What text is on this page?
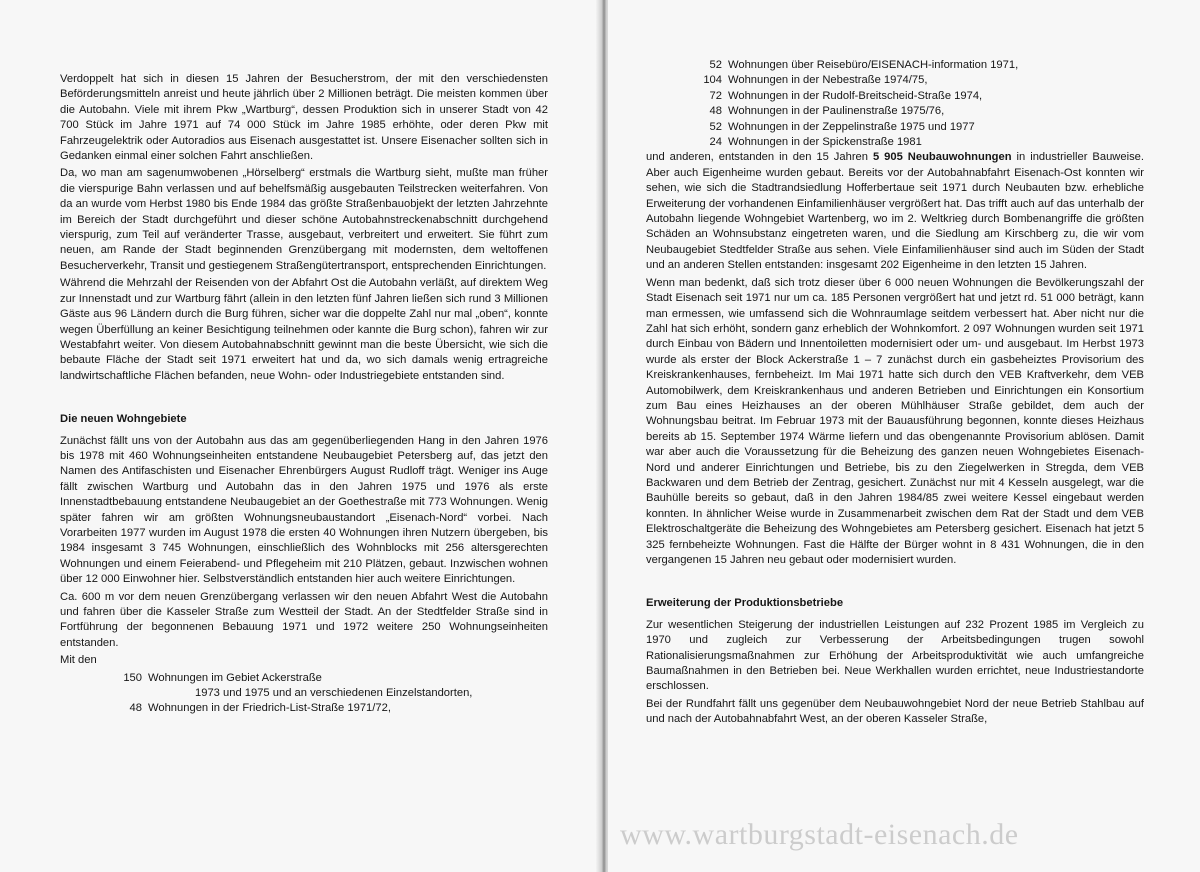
Verdoppelt hat sich in diesen 15 Jahren der Besucherstrom, der mit den verschiedensten Beförderungsmitteln anreist und heute jährlich über 2 Millionen beträgt. Die meisten kommen über die Autobahn. Viele mit ihrem Pkw „Wartburg“, dessen Produktion sich in unserer Stadt von 42 700 Stück im Jahre 1971 auf 74 000 Stück im Jahre 1985 erhöhte, oder deren Pkw mit Fahrzeugelektrik oder Autoradios aus Eisenach ausgestattet ist. Unsere Eisenacher sollten sich in Gedanken einmal einer solchen Fahrt anschließen.

Da, wo man am sagenumwobenen „Hörselberg“ erstmals die Wartburg sieht, mußte man früher die vierspurige Bahn verlassen und auf behelfsmäßig ausgebauten Teilstrecken weiterfahren. Von da an wurde vom Herbst 1980 bis Ende 1984 das größte Straßenbauobjekt der letzten Jahrzehnte im Bereich der Stadt durchgeführt und dieser schöne Autobahnstreckenabschnitt durchgehend vierspurig, zum Teil auf veränderter Trasse, ausgebaut, verbreitert und erweitert. Sie führt zum neuen, am Rande der Stadt beginnenden Grenzübergang mit modernsten, dem weltoffenen Besucherverkehr, Transit und gestiegenem Straßengütertransport, entsprechenden Einrichtungen.

Während die Mehrzahl der Reisenden von der Abfahrt Ost die Autobahn verläßt, auf direktem Weg zur Innenstadt und zur Wartburg fährt (allein in den letzten fünf Jahren ließen sich rund 3 Millionen Gäste aus 96 Ländern durch die Burg führen, sicher war die doppelte Zahl nur mal „oben“, konnte wegen Überfüllung an keiner Besichtigung teilnehmen oder kannte die Burg schon), fahren wir zur Westabfahrt weiter. Von diesem Autobahnabschnitt gewinnt man die beste Übersicht, wie sich die bebaute Fläche der Stadt seit 1971 erweitert hat und da, wo sich damals wenig ertragreiche landwirtschaftliche Flächen befanden, neue Wohn- oder Industriegebiete entstanden sind.

Die neuen Wohngebiete

Zunächst fällt uns von der Autobahn aus das am gegenüberliegenden Hang in den Jahren 1976 bis 1978 mit 460 Wohnungseinheiten entstandene Neubaugebiet Petersberg auf, das jetzt den Namen des Antifaschisten und Eisenacher Ehrenbürgers August Rudloff trägt. Weniger ins Auge fällt zwischen Wartburg und Autobahn das in den Jahren 1975 und 1976 als erste Innenstadtbebauung entstandene Neubaugebiet an der Goethestraße mit 773 Wohnungen. Wenig später fahren wir am größten Wohnungsneubaustandort „Eisenach-Nord“ vorbei. Nach Vorarbeiten 1977 wurden im August 1978 die ersten 40 Wohnungen ihren Nutzern übergeben, bis 1984 insgesamt 3 745 Wohnungen, einschließlich des Wohnblocks mit 256 altersgerechten Wohnungen und einem Feierabend- und Pflegeheim mit 210 Plätzen, gebaut. Inzwischen wohnen über 12 000 Einwohner hier. Selbstverständlich entstanden hier auch weitere Einrichtungen.

Ca. 600 m vor dem neuen Grenzübergang verlassen wir den neuen Abfahrt West die Autobahn und fahren über die Kasseler Straße zum Westteil der Stadt. An der Stedtfelder Straße sind in Fortführung der begonnenen Bebauung 1971 und 1972 weitere 250 Wohnungseinheiten entstanden.

Mit den

150 Wohnungen im Gebiet Ackerstraße
1973 und 1975 und an verschiedenen Einzelstandorten,
48 Wohnungen in der Friedrich-List-Straße 1971/72,
52 Wohnungen über Reisebüro/EISENACH-information 1971,
104 Wohnungen in der Nebestraße 1974/75,
72 Wohnungen in der Rudolf-Breitscheid-Straße 1974,
48 Wohnungen in der Paulinenstraße 1975/76,
52 Wohnungen in der Zeppelinstraße 1975 und 1977
24 Wohnungen in der Spickenstraße 1981

und anderen, entstanden in den 15 Jahren 5 905 Neubauwohnungen in industrieller Bauweise. Aber auch Eigenheime wurden gebaut. Bereits vor der Autobahnabfahrt Eisenach-Ost konnten wir sehen, wie sich die Stadtrandsiedlung Hofferbertaue seit 1971 durch Neubauten bzw. erhebliche Erweiterung der vorhandenen Einfamilienhäuser vergrößert hat. Das trifft auch auf das unterhalb der Autobahn liegende Wohngebiet Wartenberg, wo im 2. Weltkrieg durch Bombenangriffe die größten Schäden an Wohnsubstanz eingetreten waren, und die Siedlung am Kirschberg zu, die wir vom Neubaugebiet Stedtfelder Straße aus sehen. Viele Einfamilienhäuser sind auch im Süden der Stadt und an anderen Stellen entstanden: insgesamt 202 Eigenheime in den letzten 15 Jahren.

Wenn man bedenkt, daß sich trotz dieser über 6 000 neuen Wohnungen die Bevölkerungszahl der Stadt Eisenach seit 1971 nur um ca. 185 Personen vergrößert hat und jetzt rd. 51 000 beträgt, kann man ermessen, wie umfassend sich die Wohnraumlage seitdem verbessert hat. Aber nicht nur die Zahl hat sich erhöht, sondern ganz erheblich der Wohnkomfort. 2 097 Wohnungen wurden seit 1971 durch Einbau von Bädern und Innentoiletten modernisiert oder um- und ausgebaut. Im Herbst 1973 wurde als erster der Block Ackerstraße 1 – 7 zunächst durch ein gasbeheiztes Provisorium des Kreiskrankenhauses, fernbeheizt. Im Mai 1971 hatte sich durch den VEB Kraftverkehr, dem VEB Automobilwerk, dem Kreiskrankenhaus und anderen Betrieben und Einrichtungen ein Konsortium zum Bau eines Heizhauses an der oberen Mühlhäuser Straße gebildet, dem auch der Wohnungsbau beitrat. Im Februar 1973 mit der Bauausführung begonnen, konnte dieses Heizhaus bereits ab 15. September 1974 Wärme liefern und das obengenannte Provisorium ablösen. Damit war aber auch die Voraussetzung für die Beheizung des ganzen neuen Wohngebietes Eisenach-Nord und anderer Einrichtungen und Betriebe, bis zu den Ziegelwerken in Stregda, dem VEB Backwaren und dem Betrieb der Zentrag, gesichert. Zunächst nur mit 4 Kesseln ausgelegt, war die Bauhülle bereits so gebaut, daß in den Jahren 1984/85 zwei weitere Kessel eingebaut werden konnten. In ähnlicher Weise wurde in Zusammenarbeit zwischen dem Rat der Stadt und dem VEB Elektroschaltgeräte die Beheizung des Wohngebietes am Petersberg gesichert. Eisenach hat jetzt 5 325 fernbeheizte Wohnungen. Fast die Hälfte der Bürger wohnt in 8 431 Wohnungen, die in den vergangenen 15 Jahren neu gebaut oder modernisiert wurden.

Erweiterung der Produktionsbetriebe

Zur wesentlichen Steigerung der industriellen Leistungen auf 232 Prozent 1985 im Vergleich zu 1970 und zugleich zur Verbesserung der Arbeitsbedingungen trugen sowohl Rationalisierungsmaßnahmen zur Erhöhung der Arbeitsproduktivität wie auch umfangreiche Baumaßnahmen in den Betrieben bei. Neue Werkhallen wurden errichtet, neue Industriestandorte erschlossen.

Bei der Rundfahrt fällt uns gegenüber dem Neubauwohngebiet Nord der neue Betrieb Stahlbau auf und nach der Autobahnabfahrt West, an der oberen Kasseler Straße,

www.wartburgstadt-eisenach.de
